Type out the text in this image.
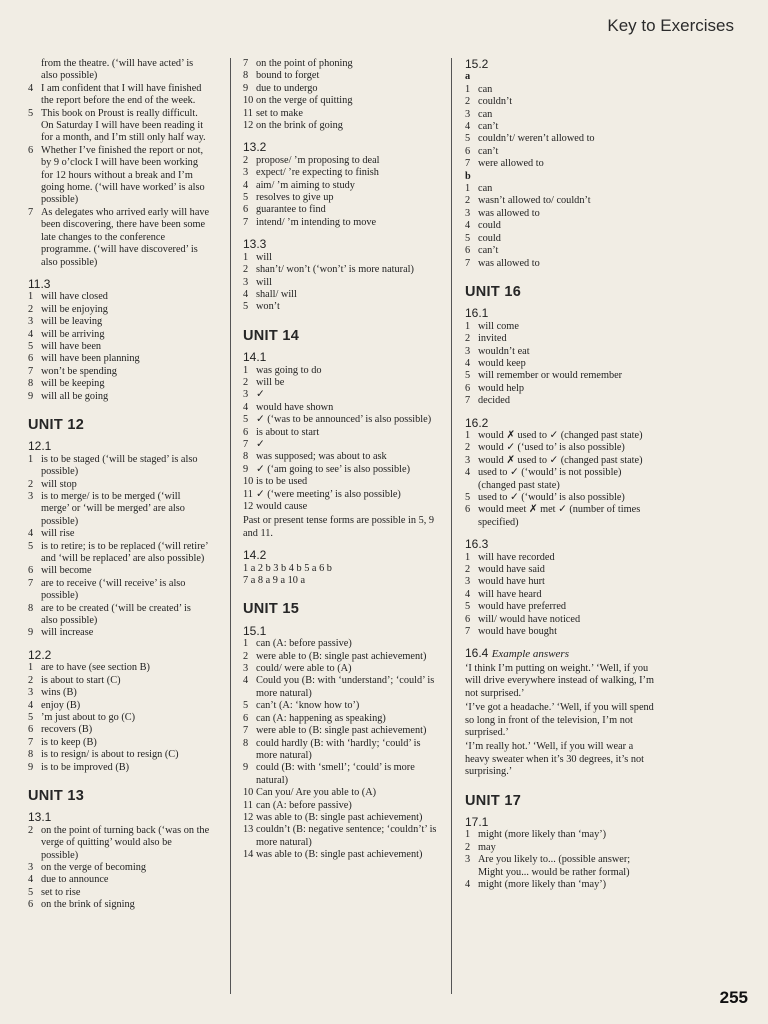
Key to Exercises
from the theatre. (‘will have acted’ is also possible)
4 I am confident that I will have finished the report before the end of the week.
5 This book on Proust is really difficult. On Saturday I will have been reading it for a month, and I’m still only half way.
6 Whether I’ve finished the report or not, by 9 o’clock I will have been working for 12 hours without a break and I’m going home. (‘will have worked’ is also possible)
7 As delegates who arrived early will have been discovering, there have been some late changes to the conference programme. (‘will have discovered’ is also possible)
11.3
1 will have closed
2 will be enjoying
3 will be leaving
4 will be arriving
5 will have been
6 will have been planning
7 won’t be spending
8 will be keeping
9 will all be going
UNIT 12
12.1
1 is to be staged (‘will be staged’ is also possible)
2 will stop
3 is to merge/ is to be merged (‘will merge’ or ‘will be merged’ are also possible)
4 will rise
5 is to retire; is to be replaced (‘will retire’ and ‘will be replaced’ are also possible)
6 will become
7 are to receive (‘will receive’ is also possible)
8 are to be created (‘will be created’ is also possible)
9 will increase
12.2
1 are to have (see section B)
2 is about to start (C)
3 wins (B)
4 enjoy (B)
5 ’m just about to go (C)
6 recovers (B)
7 is to keep (B)
8 is to resign/ is about to resign (C)
9 is to be improved (B)
UNIT 13
13.1
2 on the point of turning back (‘was on the verge of quitting’ would also be possible)
3 on the verge of becoming
4 due to announce
5 set to rise
6 on the brink of signing
7 on the point of phoning
8 bound to forget
9 due to undergo
10 on the verge of quitting
11 set to make
12 on the brink of going
13.2
2 propose/ ’m proposing to deal
3 expect/ ’re expecting to finish
4 aim/ ’m aiming to study
5 resolves to give up
6 guarantee to find
7 intend/ ’m intending to move
13.3
1 will
2 shan’t/ won’t (‘won’t’ is more natural)
3 will
4 shall/ will
5 won’t
UNIT 14
14.1
1 was going to do
2 will be
3 ✓
4 would have shown
5 ✓ (‘was to be announced’ is also possible)
6 is about to start
7 ✓
8 was supposed; was about to ask
9 ✓ (‘am going to see’ is also possible)
10 is to be used
11 ✓ (‘were meeting’ is also possible)
12 would cause
Past or present tense forms are possible in 5, 9 and 11.
14.2
1 a 2 b 3 b 4 b 5 a 6 b
7 a 8 a 9 a 10 a
UNIT 15
15.1
1 can (A: before passive)
2 were able to (B: single past achievement)
3 could/ were able to (A)
4 Could you (B: with ‘understand’; ‘could’ is more natural)
5 can’t (A: ‘know how to’)
6 can (A: happening as speaking)
7 were able to (B: single past achievement)
8 could hardly (B: with ‘hardly; ‘could’ is more natural)
9 could (B: with ‘smell’; ‘could’ is more natural)
10 Can you/ Are you able to (A)
11 can (A: before passive)
12 was able to (B: single past achievement)
13 couldn’t (B: negative sentence; ‘couldn’t’ is more natural)
14 was able to (B: single past achievement)
15.2
a
1 can
2 couldn’t
3 can
4 can’t
5 couldn’t/ weren’t allowed to
6 can’t
7 were allowed to
b
1 can
2 wasn’t allowed to/ couldn’t
3 was allowed to
4 could
5 could
6 can’t
7 was allowed to
UNIT 16
16.1
1 will come
2 invited
3 wouldn’t eat
4 would keep
5 will remember or would remember
6 would help
7 decided
16.2
1 would ✗ used to ✓ (changed past state)
2 would ✓ (‘used to’ is also possible)
3 would ✗ used to ✓ (changed past state)
4 used to ✓ (‘would’ is not possible) (changed past state)
5 used to ✓ (‘would’ is also possible)
6 would meet ✗ met ✓ (number of times specified)
16.3
1 will have recorded
2 would have said
3 would have hurt
4 will have heard
5 would have preferred
6 will/ would have noticed
7 would have bought
16.4 Example answers
‘I think I’m putting on weight.’ ‘Well, if you will drive everywhere instead of walking, I’m not surprised.’
‘I’ve got a headache.’ ‘Well, if you will spend so long in front of the television, I’m not surprised.’
‘I’m really hot.’ ‘Well, if you will wear a heavy sweater when it’s 30 degrees, it’s not surprising.’
UNIT 17
17.1
1 might (more likely than ‘may’)
2 may
3 Are you likely to... (possible answer; Might you... would be rather formal)
4 might (more likely than ‘may’)
255
